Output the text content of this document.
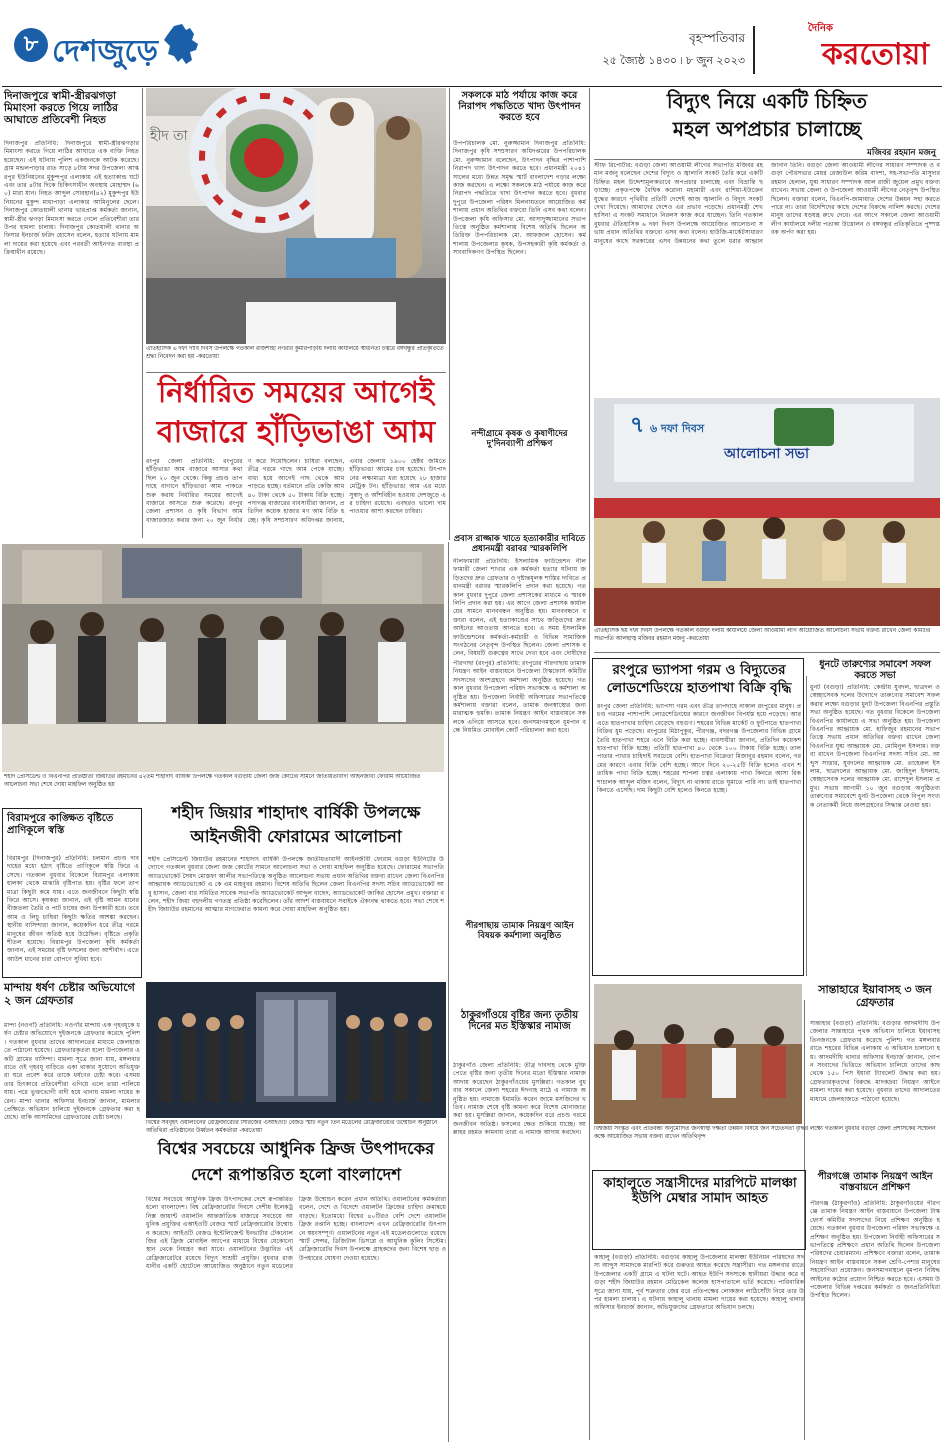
৮ দেশজুড়ে	বৃহস্পতিবার
২৫ জ্যৈষ্ঠ ১৪৩০ ৷ ৮ জুন ২০২৩
দৈনিক
করতোয়া
দিনাজপুরে স্বামী-স্ত্রীরঝগড়া মিমাংসা করতে গিয়ে লাঠির আঘাতে প্রতিবেশী নিহত
দিনাজপুর প্রতিনিধি: দিনাজপুরে স্বামী-স্ত্রীরঝগড়ার মিমাংসা করতে গিয়ে লাঠির আঘাতে এক ব্যক্তি নিহত হয়েছেন। এই ঘটনায় পুলিশ একজনকে আটক করেছে। গ্রাম মন্ডলপাড়ার রাত সাড়ে ৮টায় সদর উপজেলা আস্করপুর ইউনিয়নের মুকুন্দপুর এলাকায় এই হত্যাকান্ড ঘটে এবং তার ৪টার দিকে চিকিৎসাধীন অবস্থায় মোহাম্মদ (৬০) মারা যান। নিহত আব্দুল সোবহান(৪২) মুকুন্দপুর ইউনিয়নের মুকুন্দ মাধাপাড়া এলাকার আমিনুলের ছেলে। দিনাজপুর কোতয়ালী থানার ভারপ্রাপ্ত কর্মকর্তা জানান, স্বামী-স্ত্রীর ঝগড়া মিমাংসা করতে গেলে প্রতিবেশীরা তার উপর হামলা চালায়। দিনাজপুর কোতয়ালী থানার অফিসার ইনচার্জ ফরিদ হোসেন বলেন, হত্যার ঘটনায় মামলা দায়ের করা হয়েছে এবং পরবর্তী আইনগত ব্যবস্থা প্রক্রিয়াধীন রয়েছে।
হীদ তা
ঐতিহাসিক ৬ দফা দাবি দিবস উপলক্ষে গতকাল রাজশাহী নগরীর কুমারপাড়ায় দলীয় কার্যালয়ে স্বাধীনতা চত্বরে বঙ্গবন্ধুর প্রতিকৃতিতে শ্রদ্ধা নিবেদন করা হয় -করতোয়া
নির্ধারিত সময়ের আগেই
বাজারে হাঁড়িভাঙা আম
রংপুর জেলা প্রতিনিধি: রংপুরের হাঁড়িভাঙা আম বাজারে আসার কথা ছিল ২০ জুন থেকে। কিন্তু প্রচণ্ড তাপদাহে বাগানে হাঁড়িভাঙা আম পাকতে শুরু করায় নির্ধারিত সময়ের আগেই বাজারে আসতে শুরু করেছে। রংপুর জেলা প্রশাসন ও কৃষি বিভাগ আম বাজারজাত করার জন্য ২০ জুন নির্ধারণ করে দিয়েছিলেন। চাষিরা বলছেন, তীব্র গরমে গাছে আম পেকে যাচ্ছে। বাধ্য হয়ে আগেই গাছ থেকে আম পাড়তে হচ্ছে। বর্তমানে প্রতি কেজি আম ৪০ টাকা থেকে ৫০ টাকায় বিক্রি হচ্ছে। পদাগঞ্জ বাজারের ব্যবসায়ীরা জানান, প্রতিদিন কয়েক হাজার মণ আম বিক্রি হচ্ছে। কৃষি সম্প্রসারণ অধিদপ্তর জানায়, এবার জেলায় ১৯০০ হেক্টর জমিতে হাঁড়িভাঙা আমের চাষ হয়েছে। উৎপাদনের লক্ষ্যমাত্রা ধরা হয়েছে ২৮ হাজার মেট্রিক টন। হাঁড়িভাঙা আম এর মধ্যে সুস্বাদু ও আঁশবিহীন হওয়ায় দেশজুড়ে এর চাহিদা রয়েছে। এবছরও ভালো দাম পাওয়ার আশা করছেন চাষিরা।
সকলকে মাঠ পর্যায়ে কাজ করে নিরাপদ পদ্ধতিতে খাদ্য উৎপাদন করতে হবে
উপপরিচালক মো. নুরুজ্জামান দিনাজপুর প্রতিনিধি: দিনাজপুর কৃষি সম্প্রসারণ অধিদপ্তরের উপপরিচালক মো. নুরুজ্জামান বলেছেন, উৎপাদন বৃদ্ধির পাশাপাশি নিরাপদ খাদ্য উৎপাদন করতে হবে। প্রধানমন্ত্রী ২০৪১ সালের মধ্যে উন্নত সমৃদ্ধ স্মার্ট বাংলাদেশ গড়ার লক্ষ্যে কাজ করছেন। এ লক্ষ্যে সকলকে মাঠ পর্যায়ে কাজ করে নিরাপদ পদ্ধতিতে খাদ্য উৎপাদন করতে হবে। বুধবার দুপুরে উপজেলা পরিষদ মিলনায়তনে আয়োজিত কর্মশালায় প্রধান অতিথির বক্তব্যে তিনি এসব কথা বলেন। উপজেলা কৃষি অফিসার মো. আসাদুজ্জামানের সভাপতিত্বে অনুষ্ঠিত কর্মশালায় বিশেষ অতিথি ছিলেন অতিরিক্ত উপপরিচালক মো. আফজাল হোসেন। কর্মশালায় উপজেলার কৃষক, উপসহকারী কৃষি কর্মকর্তা ও সাংবাদিকগণ উপস্থিত ছিলেন।
বিদ্যুৎ নিয়ে একটি চিহ্নিত
মহল অপপ্রচার চালাচ্ছে
মজিবর রহমান মজনু
স্টাফ রিপোর্টার: বগুড়া জেলা আওয়ামী লীগের সভাপতি মজিবর রহমান মজনু বলেছেন দেশের বিদ্যুৎ ও জ্বালানি সংকট তৈরি করে একটি চিহ্নিত মহল উদ্দেশ্যমূলকভাবে অপপ্রচার চালাচ্ছে এবং বিভ্রান্তি ছড়াচ্ছে। প্রকৃতপক্ষে বৈশ্বিক করোনা মহামারী এবং রাশিয়া-ইউক্রেন যুদ্ধের কারণে পৃথিবীর প্রতিটি দেশেই আজ জ্বালানি ও বিদ্যুৎ সংকট দেখা দিয়েছে। আমাদের দেশেও এর প্রভাব পড়েছে। প্রধানমন্ত্রী শেখ হাসিনা এ সংকট সমাধানে নিরলস কাজ করে যাচ্ছেন। তিনি গতকাল বুধবার ঐতিহাসিক ৬ দফা দিবস উপলক্ষে আয়োজিত আলোচনা সভায় প্রধান অতিথির বক্তব্যে এসব কথা বলেন। হাউজি-মার্কেটসাধারণ মানুষের কাছে সরকারের এসব উন্নয়নের কথা তুলে ধরার আহ্বান জানান তিনি। বগুড়া জেলা আওয়ামী লীগের সাধারণ সম্পাদক ও বগুড়া পৌরসভার মেয়র রেজাউল করিম বাদশা, সহ-সভাপতি মাসুদার রহমান হেলাল, যুগ্ম সাধারণ সম্পাদক আল রাজী জুয়েল প্রমুখ বক্তব্য রাখেন। সভায় জেলা ও উপজেলা আওয়ামী লীগের নেতৃবৃন্দ উপস্থিত ছিলেন। বক্তারা বলেন, বিএনপি-জামায়াত দেশের উন্নয়ন সহ্য করতে পারে না। তারা বিদেশিদের কাছে দেশের বিরুদ্ধে নালিশ করছে। দেশের মানুষ তাদের ষড়যন্ত্র রুখে দেবে। এর আগে সকালে জেলা আওয়ামী লীগ কার্যালয়ে দলীয় পতাকা উত্তোলন ও বঙ্গবন্ধুর প্রতিকৃতিতে পুষ্পস্তবক অর্পণ করা হয়।
৭ ৬ দফা দিবস
আলোচনা সভা
ঐতিহাসিক ছয় দফা দিবস উপলক্ষে গতকাল বগুড়া দলীয় কার্যালয়ে জেলা আওয়ামী লীগ আয়োজিত আলোচনা সভায় বক্তব্য রাখেন জেলা কমিটির সভাপতি আলহাজ্ব মজিবর রহমান মজনু -করতোয়া
রংপুরে ভ্যাপসা গরম ও বিদ্যুতের
লোডশেডিংয়ে হাতপাখা বিক্রি বৃদ্ধি
রংপুর জেলা প্রতিনিধি: ভ্যাপসা গরম এবং তীব্র তাপদাহে নাকাল রংপুরের মানুষ। প্রচণ্ড গরমের পাশাপাশি লোডশেডিংয়ের কারণে জনজীবন বিপর্যস্ত হয়ে পড়েছে। আর এতে হাতপাখার চাহিদা বেড়েছে বহুগুণ। শহরের বিভিন্ন মার্কেট ও ফুটপাতে হাতপাখা বিক্রির ধুম পড়েছে। রংপুরের মিঠাপুকুর, পীরগঞ্জ, বদরগঞ্জ উপজেলার বিভিন্ন গ্রামে তৈরি হাতপাখা শহরে এনে বিক্রি করা হচ্ছে। ব্যবসায়ীরা জানান, প্রতিদিন কয়েকশ হাতপাখা বিক্রি হচ্ছে। প্রতিটি হাতপাখা ৪০ থেকে ১০০ টাকায় বিক্রি হচ্ছে। তালপাতার পাখার চাহিদাই সবচেয়ে বেশি। হাতপাখা বিক্রেতা মিজানুর রহমান বলেন, গরমের কারণে এবার বিক্রি বেশি হচ্ছে। আগে দিনে ২০-২৫টি বিক্রি হলেও এখন শতাধিক পাখা বিক্রি হচ্ছে। শহরের শাপলা চত্বর এলাকায় পাখা কিনতে আসা রিকশাচালক আব্দুল মজিদ বলেন, বিদ্যুৎ না থাকায় রাতে ঘুমাতে পারি না। তাই হাতপাখা কিনতে এসেছি। দাম কিছুটা বেশি হলেও কিনতে হচ্ছে।
ধুনটে তারুণ্যের সমাবেশ সফল করতে সভা
ধুনট (বগুড়া) প্রতিনিধি: কেন্দ্রীয় যুবদল, ছাত্রদল ও স্বেচ্ছাসেবক দলের উদ্যোগে তারুণ্যের সমাবেশ সফল করার লক্ষ্যে বগুড়ার ধুনট উপজেলা বিএনপির প্রস্তুতি সভা অনুষ্ঠিত হয়েছে। গত বুধবার বিকেলে উপজেলা বিএনপির কার্যালয়ে এ সভা অনুষ্ঠিত হয়। উপজেলা বিএনপির আহ্বায়ক মো. হাফিজুর রহমানের সভাপতিত্বে সভায় প্রধান অতিথির বক্তব্য রাখেন জেলা বিএনপির যুগ্ম আহ্বায়ক মো. মোমিনুল ইসলাম। বক্তব্য রাখেন উপজেলা বিএনপির সদস্য সচিব মো. আব্দুস সাত্তার, যুবদলের আহ্বায়ক মো. তাহেরুল ইসলাম, ছাত্রদলের আহ্বায়ক মো. জাহিদুল ইসলাম, স্বেচ্ছাসেবক দলের আহ্বায়ক মো. রাশেদুল ইসলাম প্রমুখ। সভায় আগামী ১০ জুন বগুড়ায় অনুষ্ঠিতব্য তারুণ্যের সমাবেশে ধুনট উপজেলা থেকে বিপুল সংখ্যক নেতাকর্মী নিয়ে অংশগ্রহণের সিদ্ধান্ত নেওয়া হয়।
শহীদ প্রেসিডেন্ট ও বিএনপির প্রতিষ্ঠাতা জিয়াউর রহমানের ৪২তম শাহাদাৎ বার্ষিকী উপলক্ষে গতকাল বগুড়ায় জেলা জজ কোর্টের সামনে জাতীয়তাবাদী আইনজীবী ফোরাম আয়োজিত আলোচনা সভা শেষে দোয়া মাহফিল অনুষ্ঠিত হয়
প্রবাস রাজ্জাক খাতে হত্যাকারীর দাবিতে প্রধানমন্ত্রী বরাবর স্মারকলিপি
নীলফামারী প্রতিনিধি: ইসলামিক ফাউন্ডেশন নীলফামারী জেলা শাখার এক কর্মকর্তা হত্যার ঘটনায় জড়িতদের দ্রুত গ্রেফতার ও দৃষ্টান্তমূলক শাস্তির দাবিতে প্রধানমন্ত্রী বরাবর স্মারকলিপি প্রদান করা হয়েছে। গতকাল বুধবার দুপুরে জেলা প্রশাসকের মাধ্যমে এ স্মারকলিপি প্রদান করা হয়। এর আগে জেলা প্রশাসক কার্যালয়ের সামনে মানববন্ধন অনুষ্ঠিত হয়। মানববন্ধনে বক্তারা বলেন, এই হত্যাকাণ্ডের সাথে জড়িতদের দ্রুত আইনের আওতায় আনতে হবে। এ সময় ইসলামিক ফাউন্ডেশনের কর্মকর্তা-কর্মচারী ও বিভিন্ন সামাজিক সংগঠনের নেতৃবৃন্দ উপস্থিত ছিলেন। জেলা প্রশাসক বলেন, বিষয়টি গুরুত্বের সাথে দেখা হবে এবং দোষীদের
নন্দীগ্রামে কৃষক ও কৃষাণীদের দু'দিনব্যাপী প্রশিক্ষণ
পীরগাছা (রংপুর) প্রতিনিধি: রংপুরের পীরগাছায় তামাক নিয়ন্ত্রণ আইন বাস্তবায়নে উপজেলা টাস্কফোর্স কমিটির সদস্যদের অংশগ্রহণে কর্মশালা অনুষ্ঠিত হয়েছে। গতকাল বুধবার উপজেলা পরিষদ সভাকক্ষে এ কর্মশালা অনুষ্ঠিত হয়। উপজেলা নির্বাহী অফিসারের সভাপতিত্বে কর্মশালায় বক্তারা বলেন, তামাক জনস্বাস্থ্যের জন্য মারাত্মক হুমকি। তামাক নিয়ন্ত্রণ আইন বাস্তবায়নে সকলকে এগিয়ে আসতে হবে। জনসমাগমস্থলে ধূমপান বন্ধে নিয়মিত মোবাইল কোর্ট পরিচালনা করা হবে।
পীরগাছায় তামাক নিয়ন্ত্রণ আইন বিষয়ক কর্মশালা অনুষ্ঠিত
বিরামপুরে কাঙ্ক্ষিত বৃষ্টিতে প্রাণিকূলে স্বস্তি
বিরামপুর (দিনাজপুর) প্রতিনিধি: চলমান প্রচণ্ড দাবদাহের মধ্যে হঠাৎ বৃষ্টিতে প্রাণিকূলে স্বস্তি ফিরে এসেছে। গতকাল বুধবার বিকেলে বিরামপুর এলাকায় হালকা থেকে মাঝারি বৃষ্টিপাত হয়। বৃষ্টির ফলে তাপমাত্রা কিছুটা কমে যায়। এতে জনজীবনে কিছুটা স্বস্তি ফিরে আসে। কৃষকরা জানান, এই বৃষ্টি আমন ধানের বীজতলা তৈরি ও পাট চাষের জন্য উপকারী হবে। তবে আম ও লিচু চাষিরা কিছুটা ক্ষতির আশঙ্কা করছেন। স্থানীয় বাসিন্দারা জানান, কয়েকদিন ধরে তীব্র গরমে মানুষের জীবন অতিষ্ঠ হয়ে উঠেছিল। বৃষ্টিতে প্রকৃতি শীতল হয়েছে। বিরামপুর উপজেলা কৃষি কর্মকর্তা জানান, এই সময়ের বৃষ্টি ফসলের জন্য আশীর্বাদ। এতে আউশ ধানের চারা রোপণে সুবিধা হবে।
শহীদ জিয়ার শাহাদাৎ বার্ষিকী উপলক্ষে
আইনজীবী ফোরামের আলোচনা
শহীদ প্রেসিডেন্ট জিয়াউর রহমানের শাহাদাৎ বার্ষিকী উপলক্ষে জাতীয়তাবাদী আইনজীবী ফোরাম বগুড়া ইউনিটের উদ্যোগে গতকাল বুধবার জেলা জজ কোর্টের সামনে আলোচনা সভা ও দোয়া মাহফিল অনুষ্ঠিত হয়েছে। ফোরামের সভাপতি অ্যাডভোকেট সৈয়দ মোস্তফা আলীর সভাপতিত্বে অনুষ্ঠিত আলোচনা সভায় প্রধান অতিথির বক্তব্য রাখেন জেলা বিএনপির আহ্বায়ক অ্যাডভোকেট এ কে এম মাহবুবর রহমান। বিশেষ অতিথি ছিলেন জেলা বিএনপির সদস্য সচিব অ্যাডভোকেট আবু হাসান, জেলা বার সমিতির সাবেক সভাপতি অ্যাডভোকেট আব্দুল বাছেদ, অ্যাডভোকেট জাকির হোসেন প্রমুখ। বক্তারা বলেন, শহীদ জিয়া বহুদলীয় গণতন্ত্র প্রতিষ্ঠা করেছিলেন। তাঁর আদর্শ বাস্তবায়নে সবাইকে ঐক্যবদ্ধ থাকতে হবে। সভা শেষে শহীদ জিয়াউর রহমানের আত্মার মাগফেরাত কামনা করে দোয়া মাহফিল অনুষ্ঠিত হয়।
মান্দায় ধর্ষণ চেষ্টার অভিযোগে ২ জন গ্রেফতার
মান্দা (নওগাঁ) প্রতিনিধি: নওগাঁর মান্দায় এক গৃহবধূকে ধর্ষণ চেষ্টার অভিযোগে দুইজনকে গ্রেফতার করেছে পুলিশ। গতকাল বুধবার তাদের আদালতের মাধ্যমে জেলহাজতে পাঠানো হয়েছে। গ্রেফতারকৃতরা হলো উপজেলার একটি গ্রামের বাসিন্দা। মামলা সূত্রে জানা যায়, মঙ্গলবার রাতে ওই গৃহবধূ বাড়িতে একা থাকার সুযোগে অভিযুক্তরা ঘরে প্রবেশ করে তাকে ধর্ষণের চেষ্টা করে। এসময় তার চিৎকারে প্রতিবেশীরা এগিয়ে এলে তারা পালিয়ে যায়। পরে ভুক্তভোগী বাদী হয়ে থানায় মামলা দায়ের করেন। মান্দা থানার অফিসার ইনচার্জ জানান, মামলার প্রেক্ষিতে অভিযান চালিয়ে দুইজনকে গ্রেফতার করা হয়েছে। বাকি আসামিদের গ্রেফতারের চেষ্টা চলছে।
বিশ্বের সর্ববৃহৎ ওয়ালটনের রেফ্রিজারেটর সিরিজের এআইওটি বেজড স্মার্ট নতুন তিন মডেলের রেফ্রিজারেটর উন্মোচন অনুষ্ঠানে অতিথিরা প্রতিষ্ঠানের উর্ধ্বতন কর্মকর্তারা -করতোয়া
ঠাকুরগাঁওয়ে বৃষ্টির জন্য তৃতীয় দিনের মত ইস্তিস্কার নামাজ
ঠাকুরগাঁও জেলা প্রতিনিধি: তীব্র দাবদাহ থেকে মুক্তি পেতে বৃষ্টির জন্য তৃতীয় দিনের মতো ইস্তিস্কার নামাজ আদায় করেছেন ঠাকুরগাঁওয়ের মুসল্লিরা। গতকাল বুধবার সকালে জেলা শহরের ঈদগাহ মাঠে এ নামাজ অনুষ্ঠিত হয়। নামাজে ইমামতি করেন জামে মসজিদের খতিব। নামাজ শেষে বৃষ্টি কামনা করে বিশেষ মোনাজাত করা হয়। মুসল্লিরা জানান, কয়েকদিন ধরে প্রচণ্ড গরমে জনজীবন অতিষ্ঠ। ফসলের ক্ষেত শুকিয়ে যাচ্ছে। আল্লাহর রহমত কামনায় তারা এ নামাজ আদায় করছেন।
বিশ্বের সবচেয়ে আধুনিক ফ্রিজ উৎপাদকের
দেশে রূপান্তরিত হলো বাংলাদেশ
বিশ্বের সবচেয়ে আধুনিক ফ্রিজ উৎপাদকের দেশে রূপান্তরিত হলো বাংলাদেশ। বিশ্ব রেফ্রিজারেটর দিবসে দেশীয় ইলেকট্রনিক্স জায়ান্ট ওয়ালটন আন্তর্জাতিক বাজারে সবচেয়ে আধুনিক প্রযুক্তির এআইওটি বেজড স্মার্ট রেফ্রিজারেটর উন্মোচন করেছে। আইওটি বেজড ইন্টেলিজেন্ট ইনভার্টার টেকনোলজির এই ফ্রিজ মোবাইল অ্যাপের মাধ্যমে বিশ্বের যেকোনো স্থান থেকে নিয়ন্ত্রণ করা যাবে। ওয়ালটনের উদ্ভাবিত এই রেফ্রিজারেটরে রয়েছে বিদ্যুৎ সাশ্রয়ী প্রযুক্তি। বুধবার রাজধানীর একটি হোটেলে আয়োজিত অনুষ্ঠানে নতুন মডেলের ফ্রিজ উন্মোচন করেন প্রধান অতিথি। ওয়ালটনের কর্মকর্তারা বলেন, দেশে ও বিদেশে ওয়ালটন ফ্রিজের চাহিদা ক্রমান্বয়ে বাড়ছে। ইতোমধ্যে বিশ্বের ৪০টিরও বেশি দেশে ওয়ালটন ফ্রিজ রপ্তানি হচ্ছে। বাংলাদেশ এখন রেফ্রিজারেটর উৎপাদনে স্বয়ংসম্পূর্ণ। ওয়ালটনের নতুন এই মডেলগুলোতে রয়েছে স্মার্ট সেন্সর, ডিজিটাল ডিসপ্লে ও আধুনিক কুলিং সিস্টেম। রেফ্রিজারেটর দিবস উপলক্ষে গ্রাহকদের জন্য বিশেষ ছাড় ও উপহারের ঘোষণা দেওয়া হয়েছে।
বিশ্বজয়ী সংস্কৃত এবং প্রতিবন্ধী অনুমোদিত জনস্বাস্থ্য দক্ষতা উন্নয়ন বিষয়ে জন সচেতনতা বৃদ্ধির লক্ষ্যে গতকাল বুধবার বগুড়া জেলা প্রশাসকের সম্মেলন কক্ষে আয়োজিত সভায় বক্তব্য রাখেন অতিথিবৃন্দ
সান্তাহারে ইয়াবাসহ ৩ জন গ্রেফতার
সান্তাহার (বগুড়া) প্রতিনিধি: বগুড়ার আদমদীঘি উপজেলার সান্তাহারে পৃথক অভিযান চালিয়ে ইয়াবাসহ তিনজনকে গ্রেফতার করেছে পুলিশ। গত মঙ্গলবার রাতে শহরের বিভিন্ন এলাকায় এ অভিযান চালানো হয়। আদমদীঘি থানার অফিসার ইনচার্জ জানান, গোপন সংবাদের ভিত্তিতে অভিযান চালিয়ে তাদের কাছ থেকে ১৫০ পিস ইয়াবা ট্যাবলেট উদ্ধার করা হয়। গ্রেফতারকৃতদের বিরুদ্ধে মাদকদ্রব্য নিয়ন্ত্রণ আইনে মামলা দায়ের করা হয়েছে। বুধবার তাদের আদালতের মাধ্যমে জেলহাজতে পাঠানো হয়েছে।
কাহালুতে সন্ত্রাসীদের মারপিটে মালঞ্চা ইউপি মেম্বার সামাদ আহত
কাহালু (বগুড়া) প্রতিনিধি: বগুড়ার কাহালু উপজেলার মালঞ্চা ইউনিয়ন পরিষদের সদস্য আব্দুস সামাদকে মারপিট করে গুরুতর আহত করেছে সন্ত্রাসীরা। গত মঙ্গলবার রাতে উপজেলার একটি গ্রামে এ ঘটনা ঘটে। আহত ইউপি সদস্যকে স্থানীয়রা উদ্ধার করে বগুড়া শহীদ জিয়াউর রহমান মেডিকেল কলেজ হাসপাতালে ভর্তি করেছে। পারিবারিক সূত্রে জানা যায়, পূর্ব শত্রুতার জের ধরে প্রতিপক্ষের লোকজন লাঠিসোঁটা নিয়ে তার উপর হামলা চালায়। এ ঘটনায় কাহালু থানায় মামলা দায়ের করা হয়েছে। কাহালু থানার অফিসার ইনচার্জ জানান, অভিযুক্তদের গ্রেফতারে অভিযান চলছে।
পীরগঞ্জে তামাক নিয়ন্ত্রণ আইন বাস্তবায়নে প্রশিক্ষণ
পীরগঞ্জ (ঠাকুরগাঁও) প্রতিনিধি: ঠাকুরগাঁওয়ের পীরগঞ্জে তামাক নিয়ন্ত্রণ আইন বাস্তবায়নে উপজেলা টাস্কফোর্স কমিটির সদস্যদের নিয়ে প্রশিক্ষণ অনুষ্ঠিত হয়েছে। গতকাল বুধবার উপজেলা পরিষদ সভাকক্ষে এ প্রশিক্ষণ অনুষ্ঠিত হয়। উপজেলা নির্বাহী অফিসারের সভাপতিত্বে প্রশিক্ষণে প্রধান অতিথি ছিলেন উপজেলা পরিষদের চেয়ারম্যান। প্রশিক্ষণে বক্তারা বলেন, তামাক নিয়ন্ত্রণ আইন বাস্তবায়নে সকল শ্রেণি-পেশার মানুষের সহযোগিতা প্রয়োজন। জনসমাগমস্থলে ধূমপান নিষিদ্ধ আইনের কঠোর প্রয়োগ নিশ্চিত করতে হবে। এসময় উপজেলার বিভিন্ন দপ্তরের কর্মকর্তা ও জনপ্রতিনিধিরা উপস্থিত ছিলেন।
